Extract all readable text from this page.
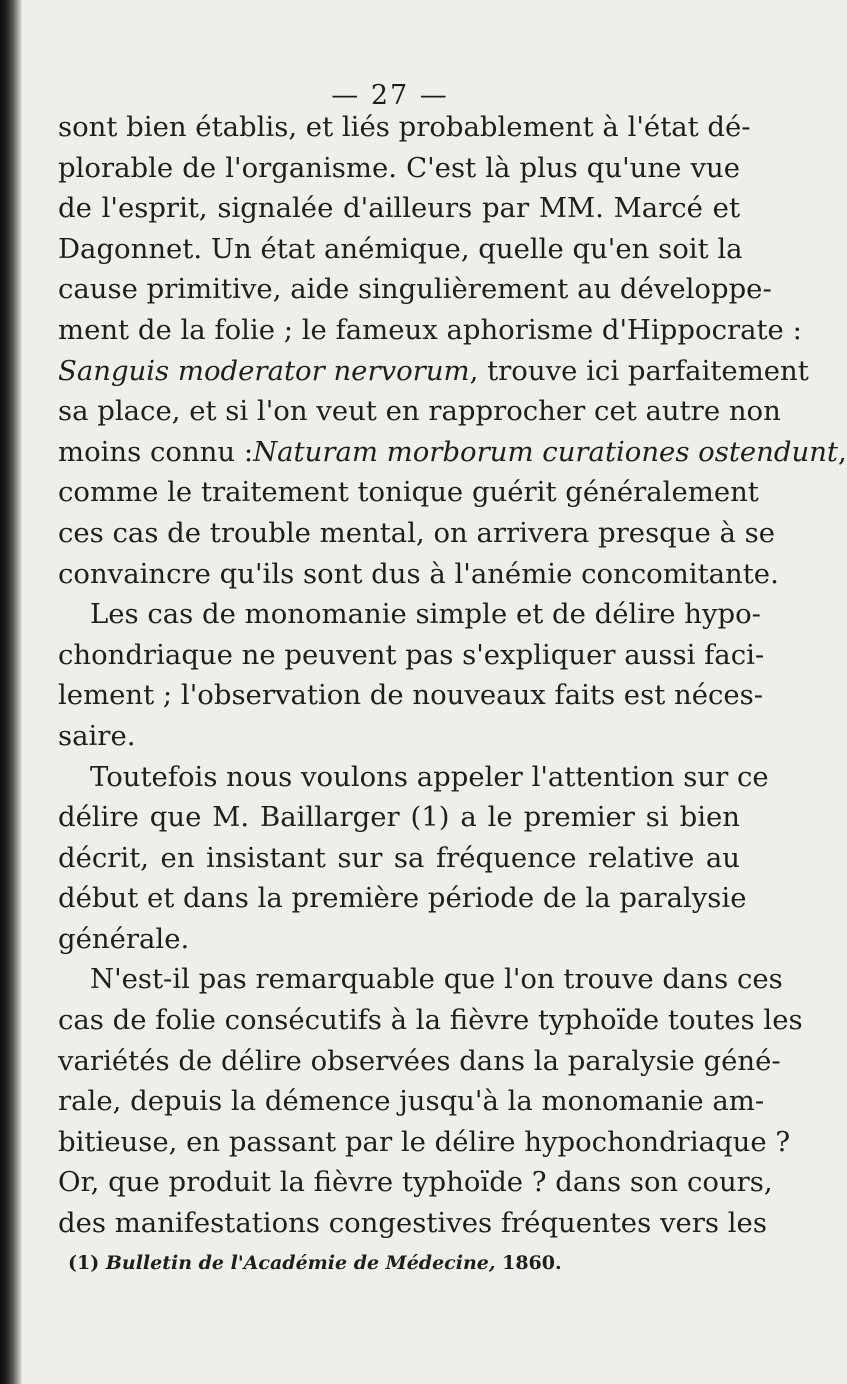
— 27 —
sont bien établis, et liés probablement à l'état dé-
plorable de l'organisme. C'est là plus qu'une vue
de l'esprit, signalée d'ailleurs par MM. Marcé et
Dagonnet. Un état anémique, quelle qu'en soit la
cause primitive, aide singulièrement au développe-
ment de la folie ; le fameux aphorisme d'Hippocrate :
Sanguis moderator nervorum, trouve ici parfaitement
sa place, et si l'on veut en rapprocher cet autre non
moins connu :Naturam morborum curationes ostendunt,
comme le traitement tonique guérit généralement
ces cas de trouble mental, on arrivera presque à se
convaincre qu'ils sont dus à l'anémie concomitante.
Les cas de monomanie simple et de délire hypo-
chondriaque ne peuvent pas s'expliquer aussi faci-
lement ; l'observation de nouveaux faits est néces-
saire.
Toutefois nous voulons appeler l'attention sur ce
délire que M. Baillarger (1) a le premier si bien
décrit, en insistant sur sa fréquence relative au
début et dans la première période de la paralysie
générale.
N'est-il pas remarquable que l'on trouve dans ces
cas de folie consécutifs à la fièvre typhoïde toutes les
variétés de délire observées dans la paralysie géné-
rale, depuis la démence jusqu'à la monomanie am-
bitieuse, en passant par le délire hypochondriaque ?
Or, que produit la fièvre typhoïde ? dans son cours,
des manifestations congestives fréquentes vers les
(1) Bulletin de l'Académie de Médecine, 1860.
